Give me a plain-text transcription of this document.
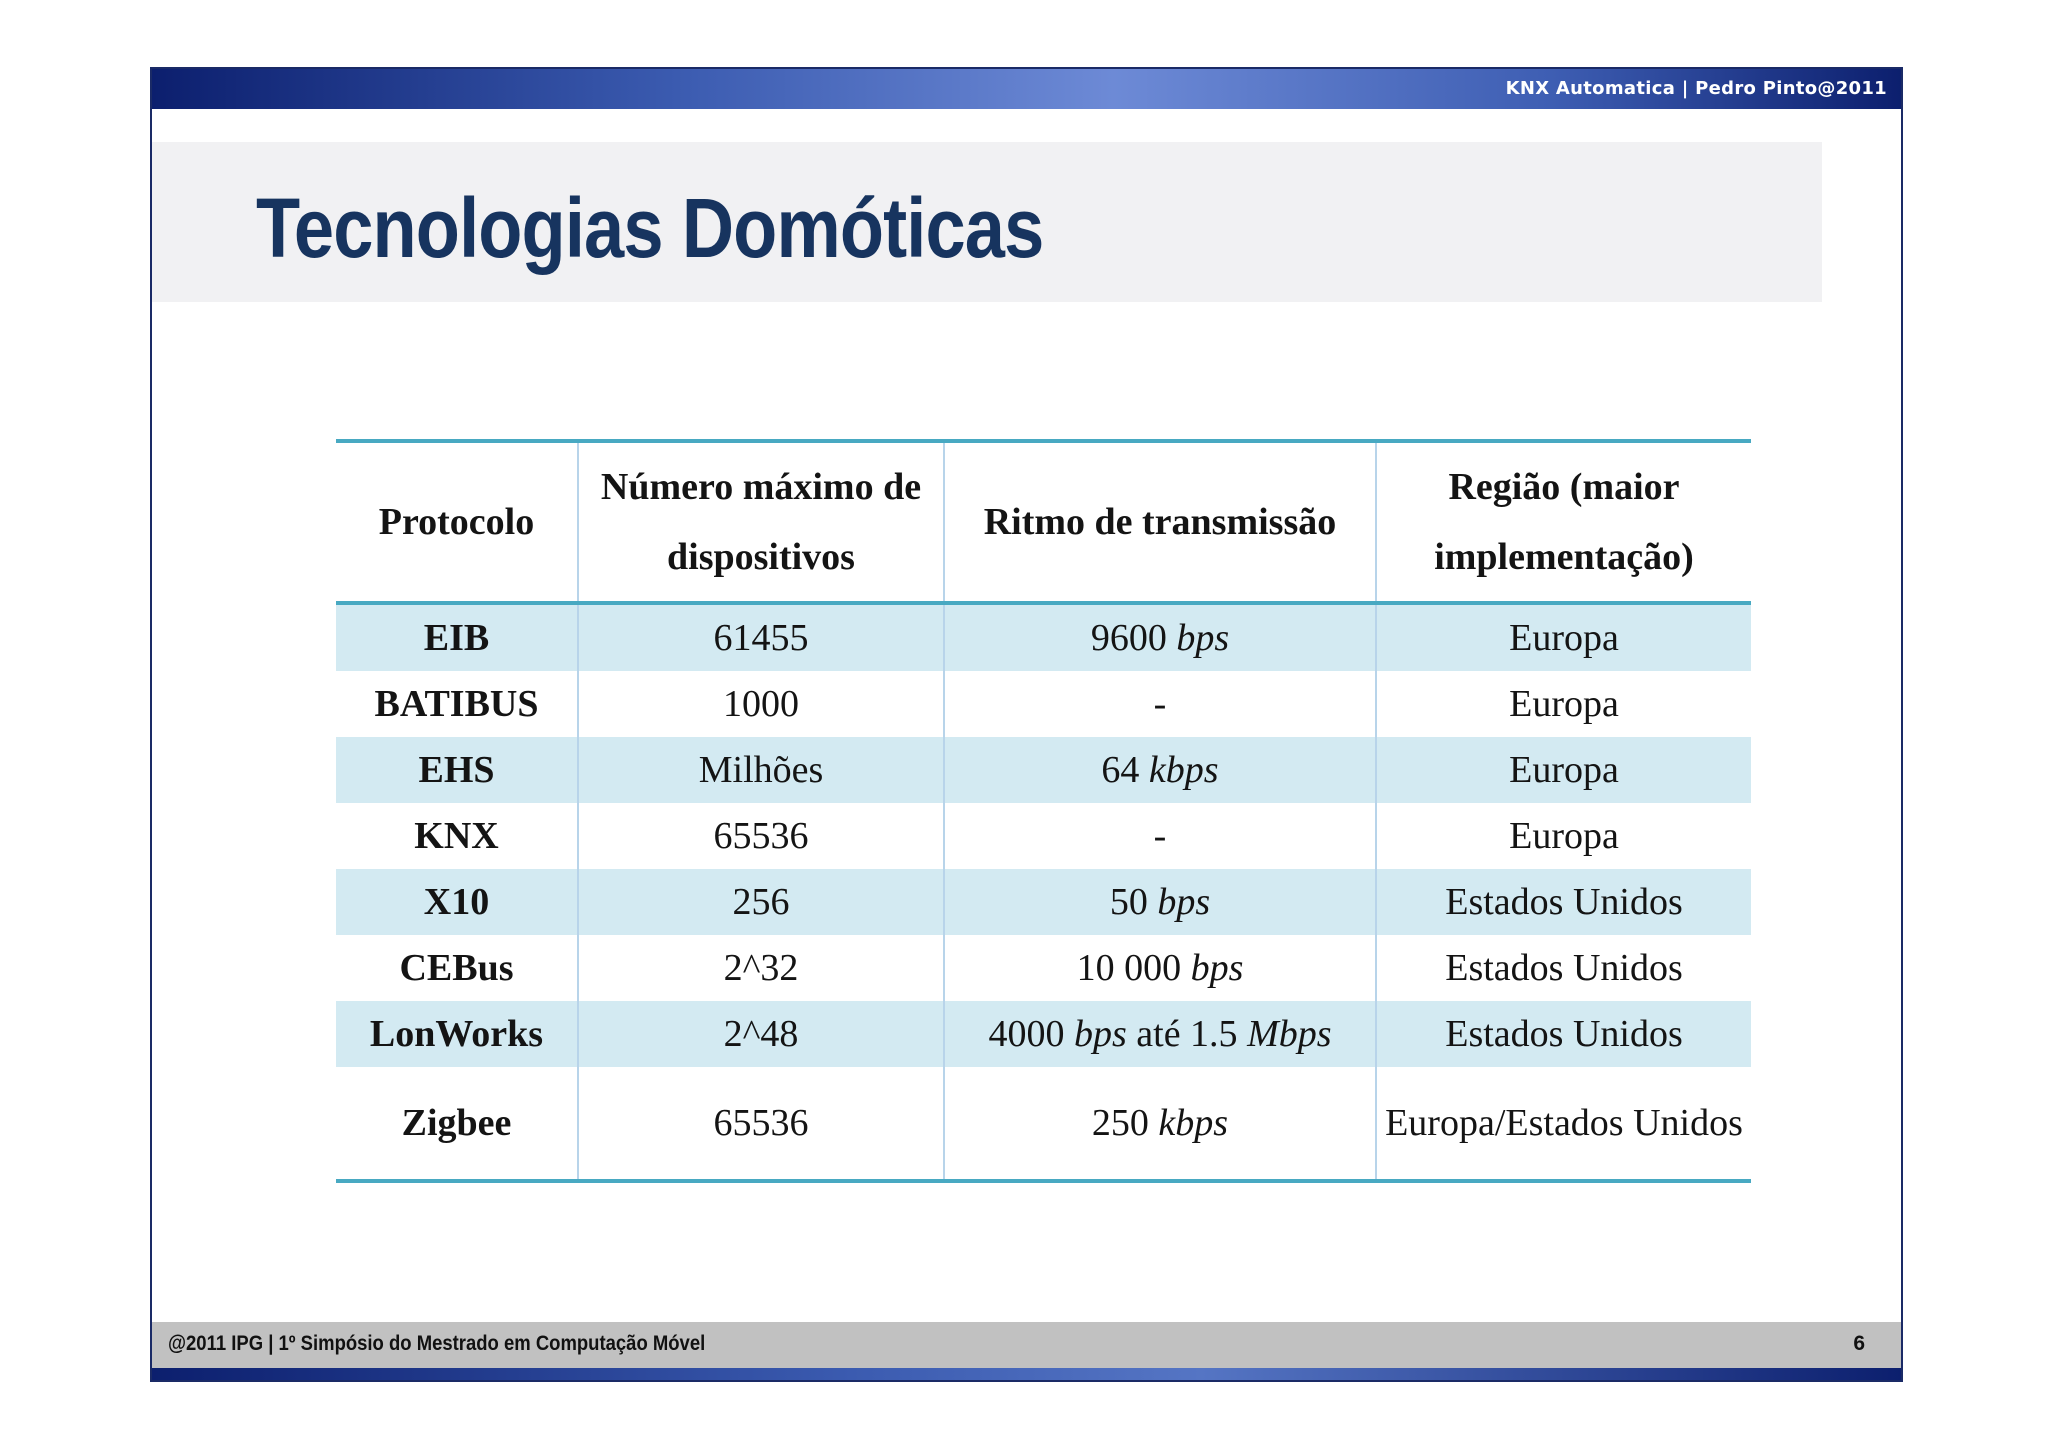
KNX Automatica | Pedro Pinto@2011
Tecnologias Domóticas
Protocolo	Número máximo de dispositivos	Ritmo de transmissão	Região (maior implementação)
EIB	61455	9600 bps	Europa
BATIBUS	1000	-	Europa
EHS	Milhões	64 kbps	Europa
KNX	65536	-	Europa
X10	256	50 bps	Estados Unidos
CEBus	2^32	10 000 bps	Estados Unidos
LonWorks	2^48	4000 bps até 1.5 Mbps	Estados Unidos
Zigbee	65536	250 kbps	Europa/Estados Unidos
@2011 IPG | 1º Simpósio do Mestrado em Computação Móvel	6
